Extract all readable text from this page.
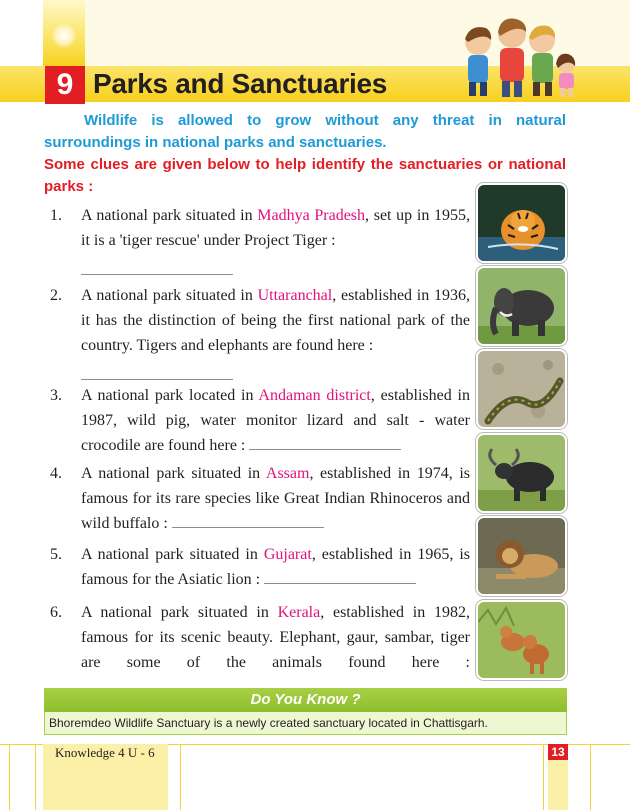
9 Parks and Sanctuaries

Wildlife is allowed to grow without any threat in natural surroundings in national parks and sanctuaries.

Some clues are given below to help identify the sanctuaries or national parks :

1.	A national park situated in Madhya Pradesh, set up in 1955, it is a 'tiger rescue' under Project Tiger :
2.	A national park situated in Uttaranchal, established in 1936, it has the distinction of being the first national park of the country. Tigers and elephants are found here :
3.	A national park located in Andaman district, established in 1987, wild pig, water monitor lizard and salt - water crocodile are found here :
4.	A national park situated in Assam, established in 1974, is famous for its rare species like Great Indian Rhinoceros and wild buffalo :
5.	A national park situated in Gujarat, established in 1965, is famous for the Asiatic lion :
6.	A national park situated in Kerala, established in 1982, famous for its scenic beauty. Elephant, gaur, sambar, tiger are some of the animals found here :
Do You Know ?
Bhoremdeo Wildlife Sanctuary is a newly created sanctuary located in Chattisgarh.
Knowledge 4 U - 6	13
